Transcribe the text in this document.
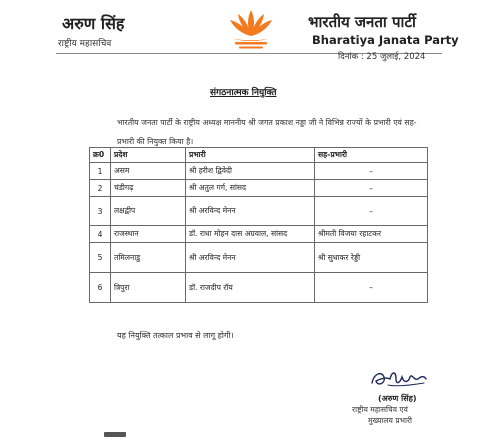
अरुण सिंह
राष्ट्रीय महासचिव
भारतीय जनता पार्टी
Bharatiya Janata Party
दिनांक : 25 जुलाई, 2024
संगठनात्मक नियुक्ति
भारतीय जनता पार्टी के राष्ट्रीय अध्यक्ष माननीय श्री जगत प्रकाश नड्डा जी ने विभिन्न राज्यों के प्रभारी एवं सह-प्रभारी की नियुक्त किया है।
क्र0	प्रदेश	प्रभारी	सह-प्रभारी
1	असम	श्री हरीश द्विवेदी	–
2	चंडीगढ़	श्री अतुल गर्ग, सांसद	–
3	लक्षद्वीप	श्री अरविन्द मेनन	–
4	राजस्थान	डॉ. राधा मोहन दास अग्रवाल, सांसद	श्रीमती विजया रहाटकर
5	तमिलनाडु	श्री अरविन्द मेनन	श्री सुधाकर रेड्डी
6	त्रिपुरा	डॉ. राजदीप रॉय	–
यह नियुक्ति तत्काल प्रभाव से लागू होगी।
(अरुण सिंह)
राष्ट्रीय महासचिव एवं
मुख्यालय प्रभारी
